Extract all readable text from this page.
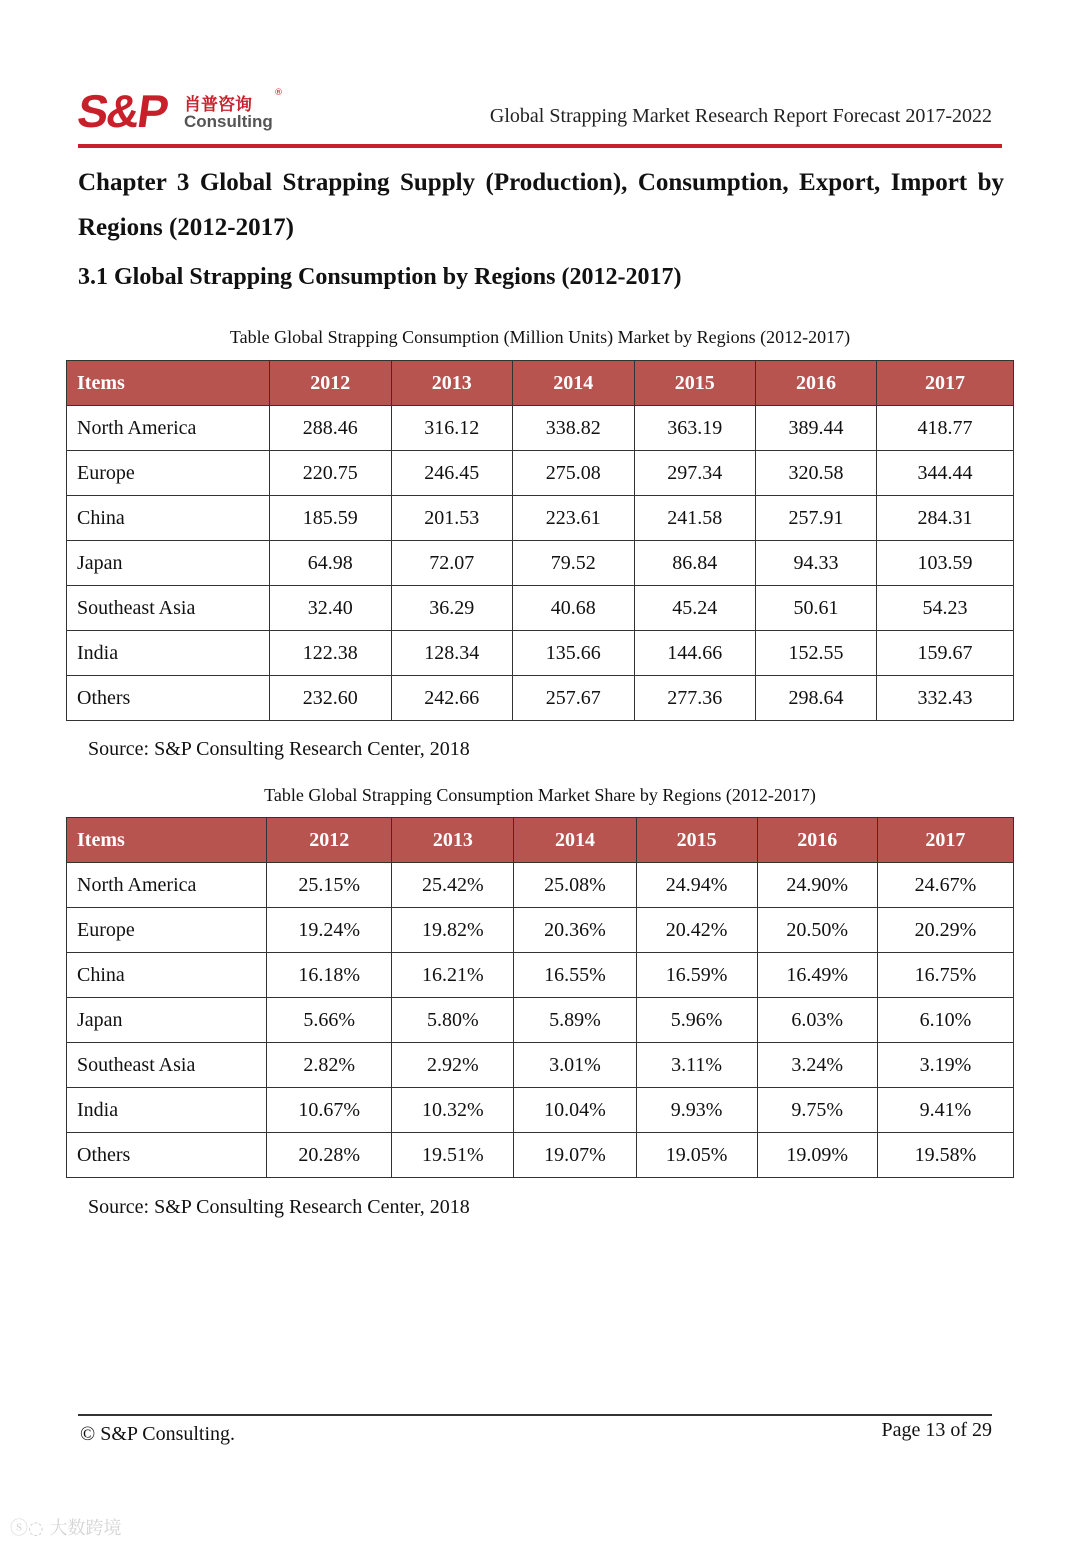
S&P 肖普咨询
®
Consulting	Global Strapping Market Research Report Forecast 2017-2022
Chapter 3 Global Strapping Supply (Production), Consumption, Export, Import by Regions (2012-2017)
3.1 Global Strapping Consumption by Regions (2012-2017)
Table Global Strapping Consumption (Million Units) Market by Regions (2012-2017)
Items	2012	2013	2014	2015	2016	2017
North America	288.46	316.12	338.82	363.19	389.44	418.77
Europe	220.75	246.45	275.08	297.34	320.58	344.44
China	185.59	201.53	223.61	241.58	257.91	284.31
Japan	64.98	72.07	79.52	86.84	94.33	103.59
Southeast Asia	32.40	36.29	40.68	45.24	50.61	54.23
India	122.38	128.34	135.66	144.66	152.55	159.67
Others	232.60	242.66	257.67	277.36	298.64	332.43
Source: S&P Consulting Research Center, 2018
Table Global Strapping Consumption Market Share by Regions (2012-2017)
Items	2012	2013	2014	2015	2016	2017
North America	25.15%	25.42%	25.08%	24.94%	24.90%	24.67%
Europe	19.24%	19.82%	20.36%	20.42%	20.50%	20.29%
China	16.18%	16.21%	16.55%	16.59%	16.49%	16.75%
Japan	5.66%	5.80%	5.89%	5.96%	6.03%	6.10%
Southeast Asia	2.82%	2.92%	3.01%	3.11%	3.24%	3.19%
India	10.67%	10.32%	10.04%	9.93%	9.75%	9.41%
Others	20.28%	19.51%	19.07%	19.05%	19.09%	19.58%
Source: S&P Consulting Research Center, 2018
© S&P Consulting.	Page 13 of 29
ⓢ◌ 大数跨境
